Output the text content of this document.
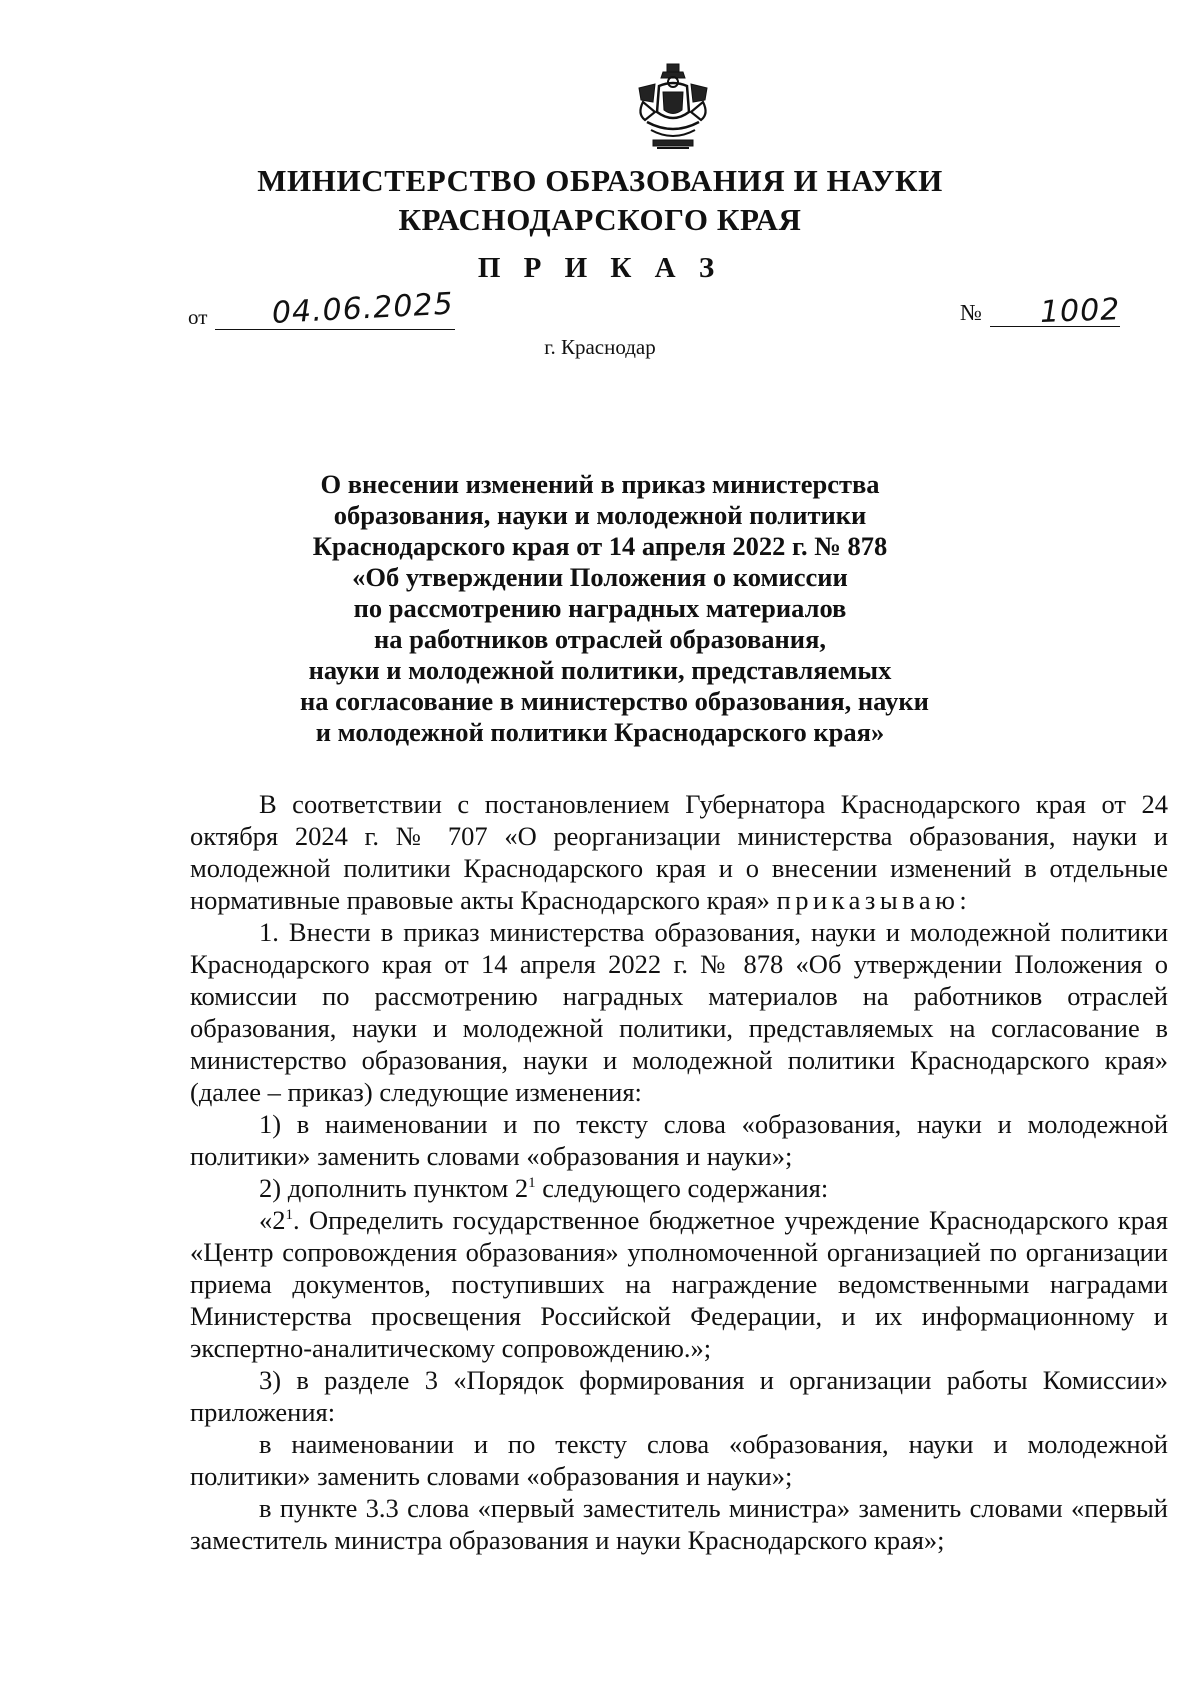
МИНИСТЕРСТВО ОБРАЗОВАНИЯ И НАУКИ
КРАСНОДАРСКОГО КРАЯ
П Р И К А З
от 04.06.2025	№ 1002
г. Краснодар
О внесении изменений в приказ министерства
образования, науки и молодежной политики
Краснодарского края от 14 апреля 2022 г. № 878
«Об утверждении Положения о комиссии
по рассмотрению наградных материалов
на работников отраслей образования,
науки и молодежной политики, представляемых
на согласование в министерство образования, науки
и молодежной политики Краснодарского края»
В соответствии с постановлением Губернатора Краснодарского края от 24 октября 2024 г. № 707 «О реорганизации министерства образования, науки и молодежной политики Краснодарского края и о внесении изменений в отдельные нормативные правовые акты Краснодарского края» приказываю:
1. Внести в приказ министерства образования, науки и молодежной политики Краснодарского края от 14 апреля 2022 г. № 878 «Об утверждении Положения о комиссии по рассмотрению наградных материалов на работников отраслей образования, науки и молодежной политики, представляемых на согласование в министерство образования, науки и молодежной политики Краснодарского края» (далее – приказ) следующие изменения:
1) в наименовании и по тексту слова «образования, науки и молодежной политики» заменить словами «образования и науки»;
2) дополнить пунктом $2^1$ следующего содержания:
«$2^1$. Определить государственное бюджетное учреждение Краснодарского края «Центр сопровождения образования» уполномоченной организацией по организации приема документов, поступивших на награждение ведомственными наградами Министерства просвещения Российской Федерации, и их информационному и экспертно-аналитическому сопровождению.»;
3) в разделе 3 «Порядок формирования и организации работы Комиссии» приложения:
в наименовании и по тексту слова «образования, науки и молодежной политики» заменить словами «образования и науки»;
в пункте 3.3 слова «первый заместитель министра» заменить словами «первый заместитель министра образования и науки Краснодарского края»;
